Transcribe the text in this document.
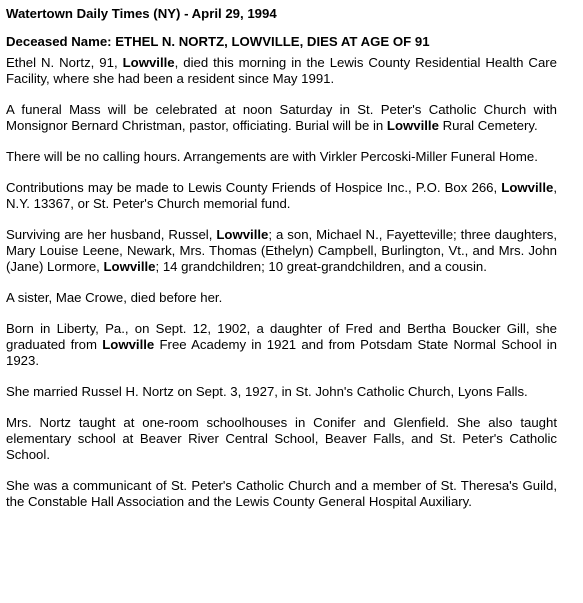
Watertown Daily Times (NY) - April 29, 1994
Deceased Name: ETHEL N. NORTZ, LOWVILLE, DIES AT AGE OF 91

Ethel N. Nortz, 91, Lowville, died this morning in the Lewis County Residential Health Care Facility, where she had been a resident since May 1991.

A funeral Mass will be celebrated at noon Saturday in St. Peter's Catholic Church with Monsignor Bernard Christman, pastor, officiating. Burial will be in Lowville Rural Cemetery.

There will be no calling hours. Arrangements are with Virkler Percoski-Miller Funeral Home.

Contributions may be made to Lewis County Friends of Hospice Inc., P.O. Box 266, Lowville, N.Y. 13367, or St. Peter's Church memorial fund.

Surviving are her husband, Russel, Lowville; a son, Michael N., Fayetteville; three daughters, Mary Louise Leene, Newark, Mrs. Thomas (Ethelyn) Campbell, Burlington, Vt., and Mrs. John (Jane) Lormore, Lowville; 14 grandchildren; 10 great-grandchildren, and a cousin.

A sister, Mae Crowe, died before her.

Born in Liberty, Pa., on Sept. 12, 1902, a daughter of Fred and Bertha Boucker Gill, she graduated from Lowville Free Academy in 1921 and from Potsdam State Normal School in 1923.

She married Russel H. Nortz on Sept. 3, 1927, in St. John's Catholic Church, Lyons Falls.

Mrs. Nortz taught at one-room schoolhouses in Conifer and Glenfield. She also taught elementary school at Beaver River Central School, Beaver Falls, and St. Peter's Catholic School.

She was a communicant of St. Peter's Catholic Church and a member of St. Theresa's Guild, the Constable Hall Association and the Lewis County General Hospital Auxiliary.
